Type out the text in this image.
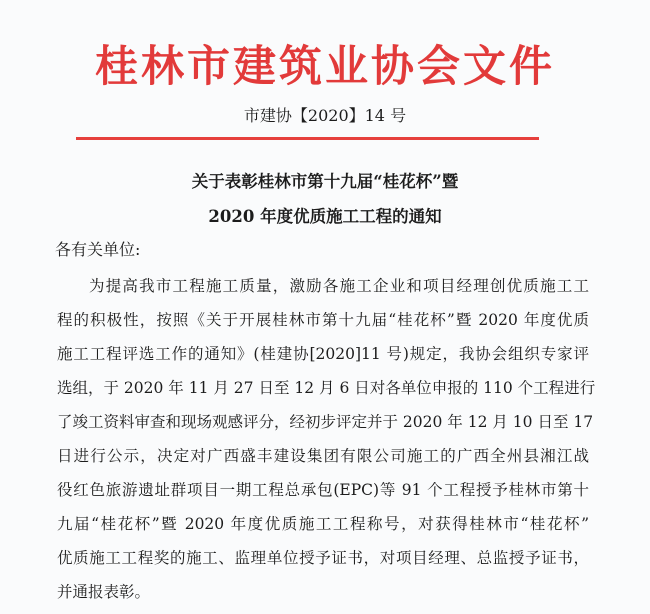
桂林市建筑业协会文件
市建协【2020】14 号
关于表彰桂林市第十九届“桂花杯”暨
2020 年度优质施工工程的通知
各有关单位:
为提高我市工程施工质量，激励各施工企业和项目经理创优质施工工
程的积极性，按照《关于开展桂林市第十九届“桂花杯”暨 2020 年度优质
施工工程评选工作的通知》(桂建协[2020]11 号)规定，我协会组织专家评
选组，于 2020 年 11 月 27 日至 12 月 6 日对各单位申报的 110 个工程进行
了竣工资料审查和现场观感评分，经初步评定并于 2020 年 12 月 10 日至 17
日进行公示，决定对广西盛丰建设集团有限公司施工的广西全州县湘江战
役红色旅游遗址群项目一期工程总承包(EPC)等 91 个工程授予桂林市第十
九届“桂花杯”暨 2020 年度优质施工工程称号，对获得桂林市“桂花杯”
优质施工工程奖的施工、监理单位授予证书，对项目经理、总监授予证书，
并通报表彰。
